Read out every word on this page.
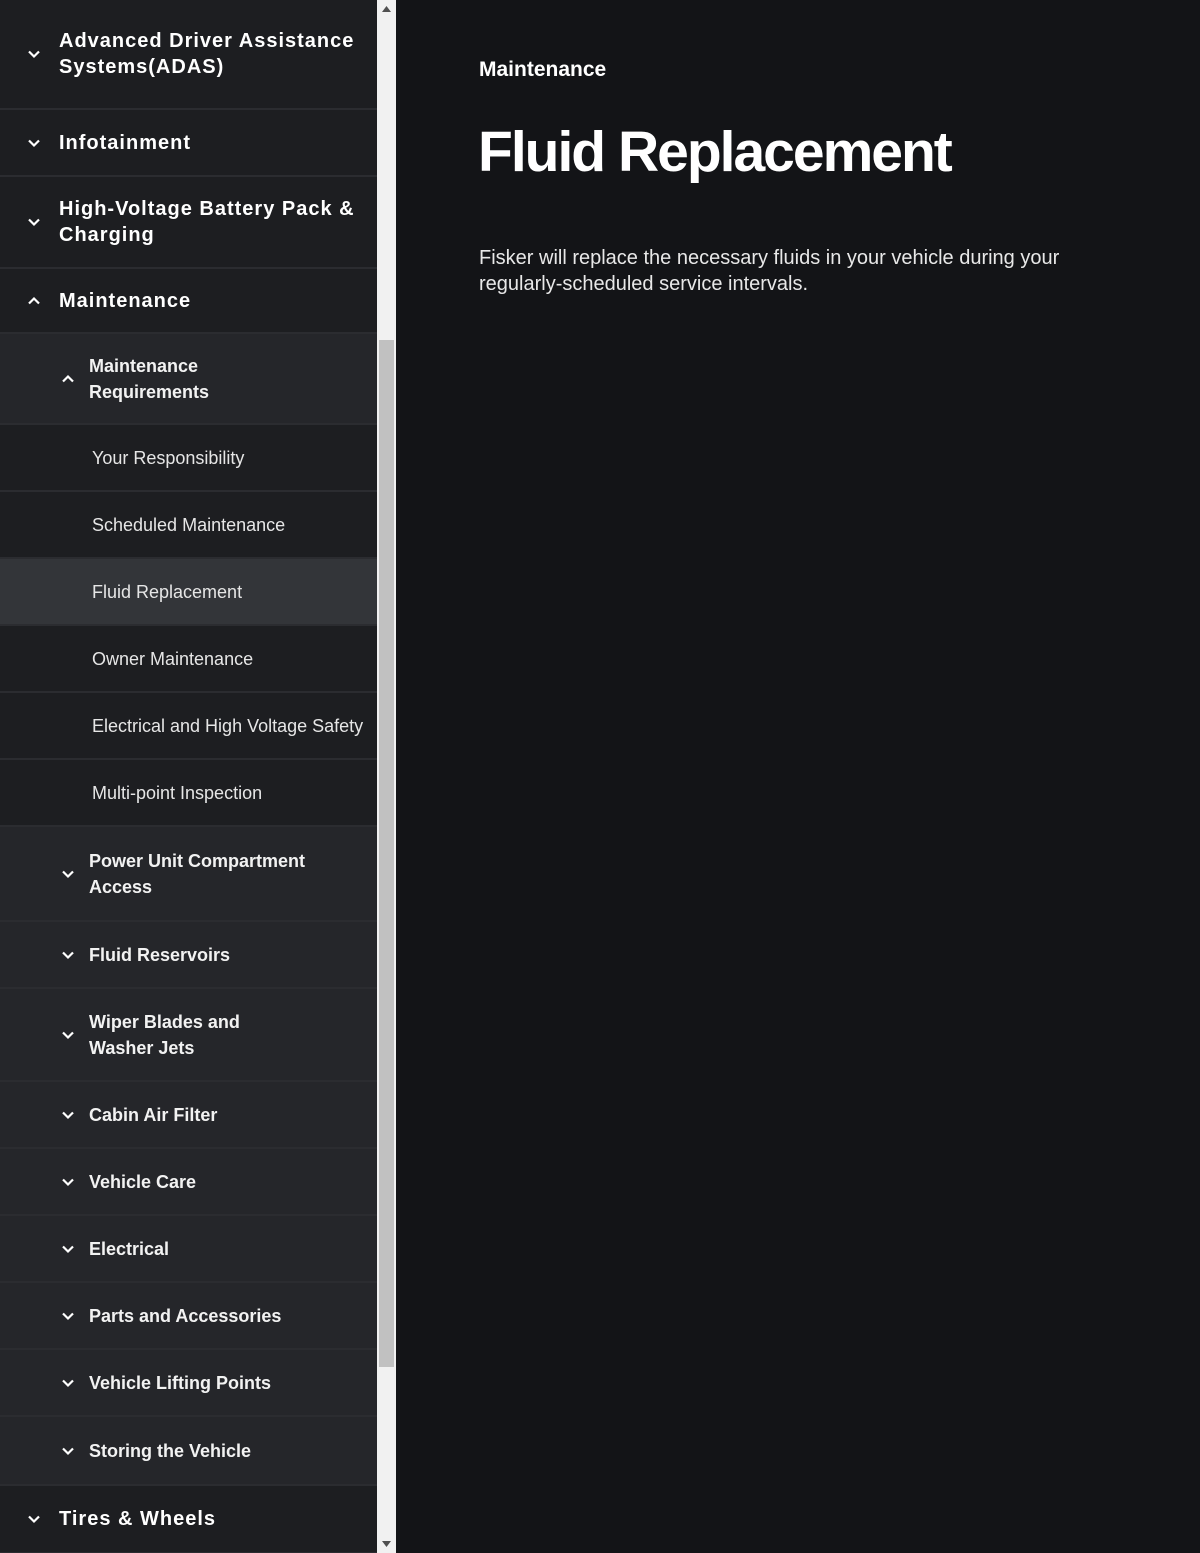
Advanced Driver Assistance Systems(ADAS)
Infotainment
High-Voltage Battery Pack & Charging
Maintenance
Maintenance Requirements
Your Responsibility
Scheduled Maintenance
Fluid Replacement
Owner Maintenance
Electrical and High Voltage Safety
Multi-point Inspection
Power Unit Compartment Access
Fluid Reservoirs
Wiper Blades and Washer Jets
Cabin Air Filter
Vehicle Care
Electrical
Parts and Accessories
Vehicle Lifting Points
Storing the Vehicle
Tires & Wheels
Maintenance
Fluid Replacement

Fisker will replace the necessary fluids in your vehicle during your regularly-scheduled service intervals.
